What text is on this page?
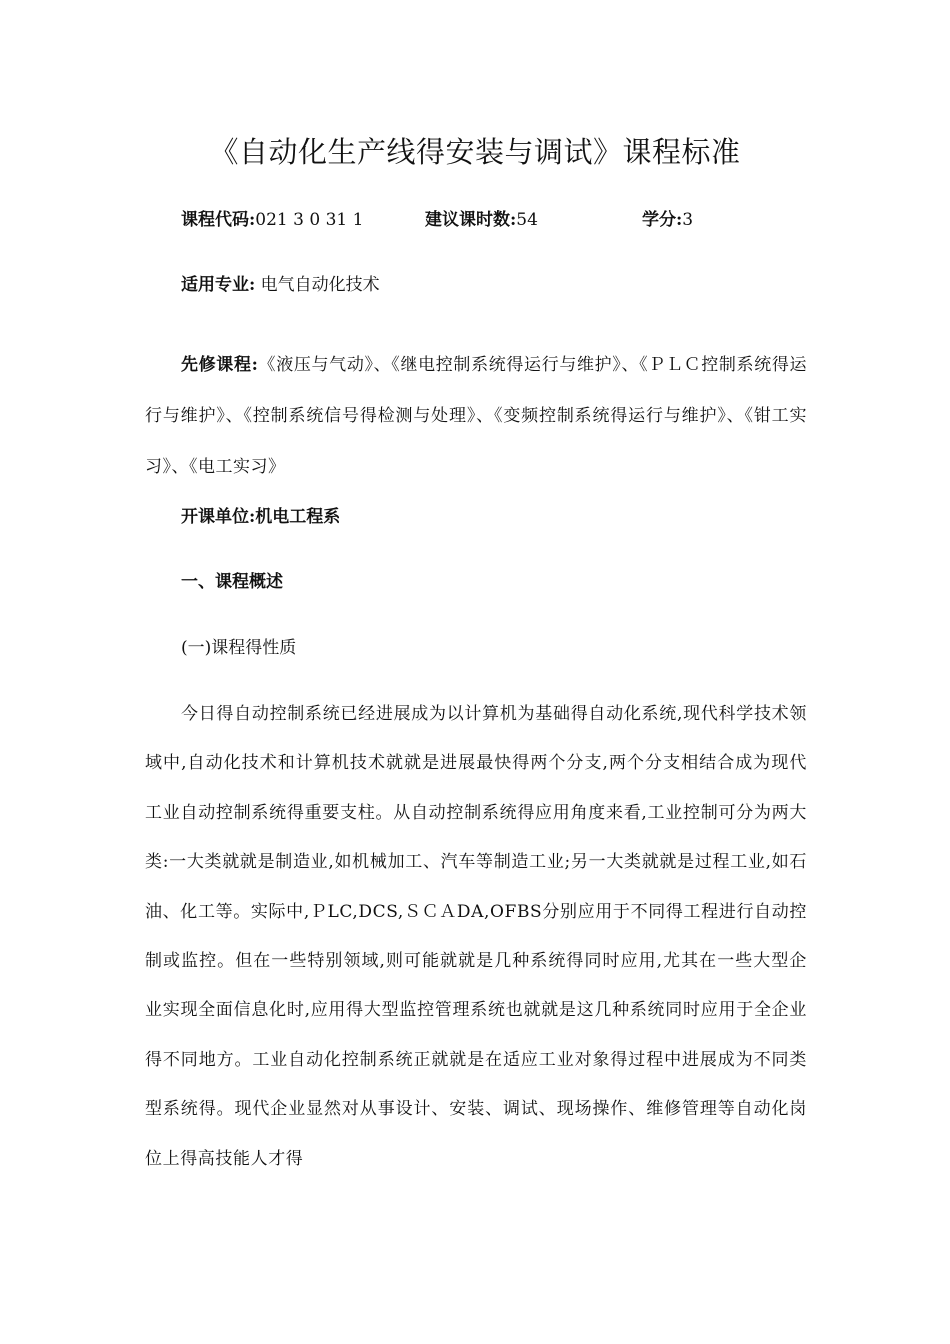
《自动化生产线得安装与调试》课程标准
课程代码:021 3 0 31 1	建议课时数:54	学分:3
适用专业: 电气自动化技术
先修课程:《液压与气动》、《继电控制系统得运行与维护》、《ＰＬＣ控制系统得运行与维护》、《控制系统信号得检测与处理》、《变频控制系统得运行与维护》、《钳工实习》、《电工实习》
开课单位:机电工程系
一、课程概述
(一)课程得性质
今日得自动控制系统已经进展成为以计算机为基础得自动化系统,现代科学技术领域中,自动化技术和计算机技术就就是进展最快得两个分支,两个分支相结合成为现代工业自动控制系统得重要支柱。从自动控制系统得应用角度来看,工业控制可分为两大类:一大类就就是制造业,如机械加工、汽车等制造工业;另一大类就就是过程工业,如石油、化工等。实际中,ＰLC,DCS,ＳＣＡDA,OFBS分别应用于不同得工程进行自动控制或监控。但在一些特别领域,则可能就就是几种系统得同时应用,尤其在一些大型企业实现全面信息化时,应用得大型监控管理系统也就就是这几种系统同时应用于全企业得不同地方。工业自动化控制系统正就就是在适应工业对象得过程中进展成为不同类型系统得。现代企业显然对从事设计、安装、调试、现场操作、维修管理等自动化岗位上得高技能人才得
